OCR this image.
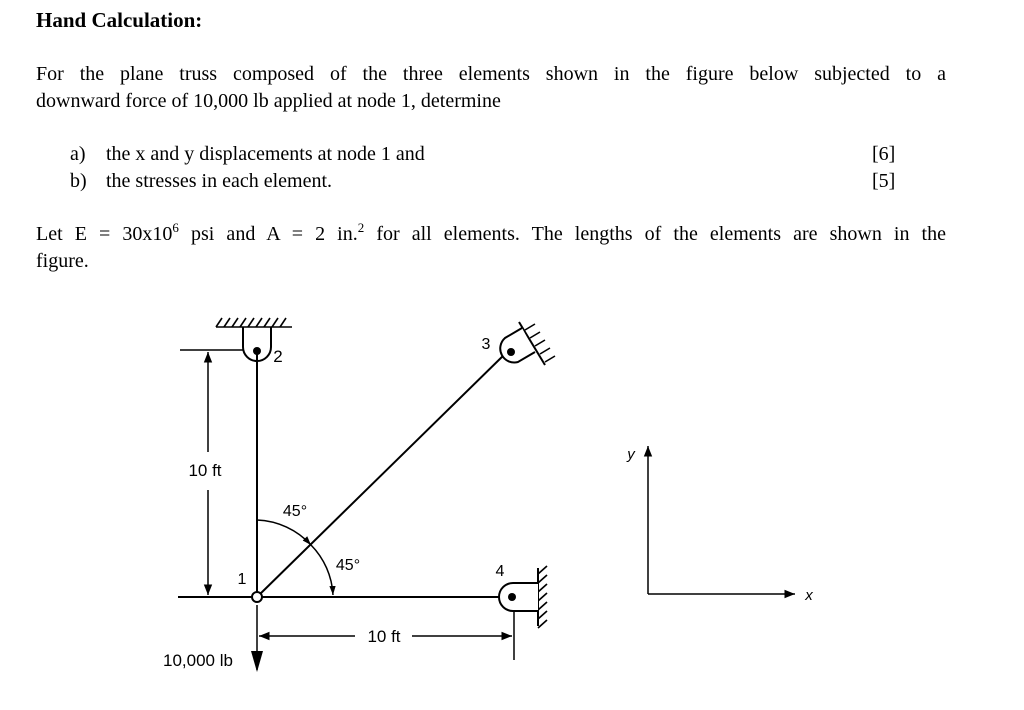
Hand Calculation:

For the plane truss composed of the three elements shown in the figure below subjected to a
downward force of 10,000 lb applied at node 1, determine

a) the x and y displacements at node 1 and	[6]
b) the stresses in each element.	[5]

Let $E = 30x10^6$ psi and A = 2 in.$^2$ for all elements. The lengths of the elements are shown in the
figure.

10 ft
45°
45°
1
2
3
4
10 ft
10,000 lb
y
x
